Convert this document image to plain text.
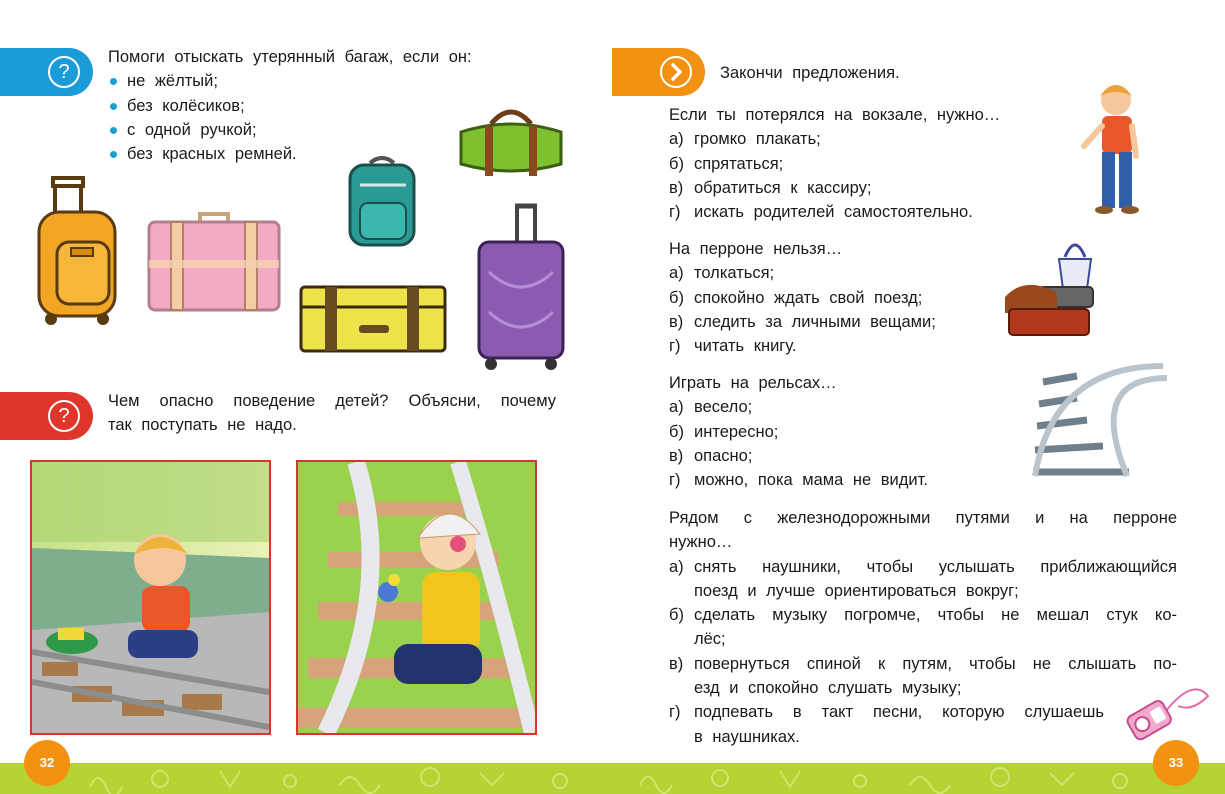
?
Помоги отыскать утерянный багаж, если он:
не жёлтый;
без колёсиков;
с одной ручкой;
без красных ремней.
?
Чем опасно поведение детей? Объясни, почему
так поступать не надо.
Закончи предложения.
Если ты потерялся на вокзале, нужно…
а) громко плакать;
б) спрятаться;
в) обратиться к кассиру;
г) искать родителей самостоятельно.
На перроне нельзя…
а) толкаться;
б) спокойно ждать свой поезд;
в) следить за личными вещами;
г) читать книгу.
Играть на рельсах…
а) весело;
б) интересно;
в) опасно;
г) можно, пока мама не видит.
Рядом с железнодорожными путями и на перроне
нужно…
а) снять наушники, чтобы услышать приближающийся
поезд и лучше ориентироваться вокруг;
б) сделать музыку погромче, чтобы не мешал стук ко-
лёс;
в) повернуться спиной к путям, чтобы не слышать по-
езд и спокойно слушать музыку;
г) подпевать в такт песни, которую слушаешь
в наушниках.
32	33
